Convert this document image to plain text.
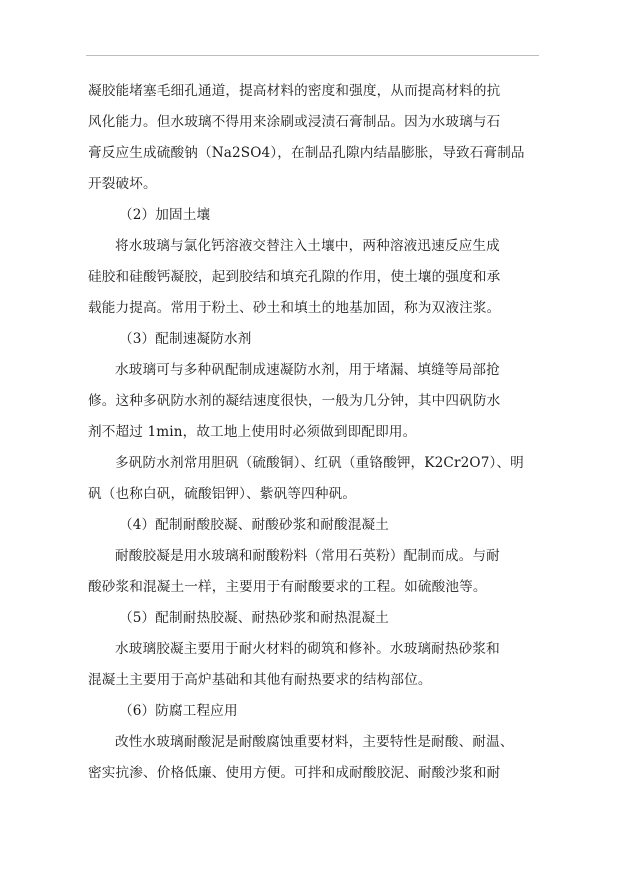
凝胶能堵塞毛细孔通道，提高材料的密度和强度，从而提高材料的抗
风化能力。但水玻璃不得用来涂刷或浸渍石膏制品。因为水玻璃与石
膏反应生成硫酸钠（Na2SO4），在制品孔隙内结晶膨胀，导致石膏制品
开裂破坏。
（2）加固土壤
将水玻璃与氯化钙溶液交替注入土壤中，两种溶液迅速反应生成
硅胶和硅酸钙凝胶，起到胶结和填充孔隙的作用，使土壤的强度和承
载能力提高。常用于粉土、砂土和填土的地基加固，称为双液注浆。
（3）配制速凝防水剂
水玻璃可与多种矾配制成速凝防水剂，用于堵漏、填缝等局部抢
修。这种多矾防水剂的凝结速度很快，一般为几分钟，其中四矾防水
剂不超过 1min，故工地上使用时必须做到即配即用。
多矾防水剂常用胆矾（硫酸铜）、红矾（重铬酸钾，K2Cr2O7）、明
矾（也称白矾，硫酸铝钾）、紫矾等四种矾。
（4）配制耐酸胶凝、耐酸砂浆和耐酸混凝土
耐酸胶凝是用水玻璃和耐酸粉料（常用石英粉）配制而成。与耐
酸砂浆和混凝土一样，主要用于有耐酸要求的工程。如硫酸池等。
（5）配制耐热胶凝、耐热砂浆和耐热混凝土
水玻璃胶凝主要用于耐火材料的砌筑和修补。水玻璃耐热砂浆和
混凝土主要用于高炉基础和其他有耐热要求的结构部位。
（6）防腐工程应用
改性水玻璃耐酸泥是耐酸腐蚀重要材料，主要特性是耐酸、耐温、
密实抗渗、价格低廉、使用方便。可拌和成耐酸胶泥、耐酸沙浆和耐
